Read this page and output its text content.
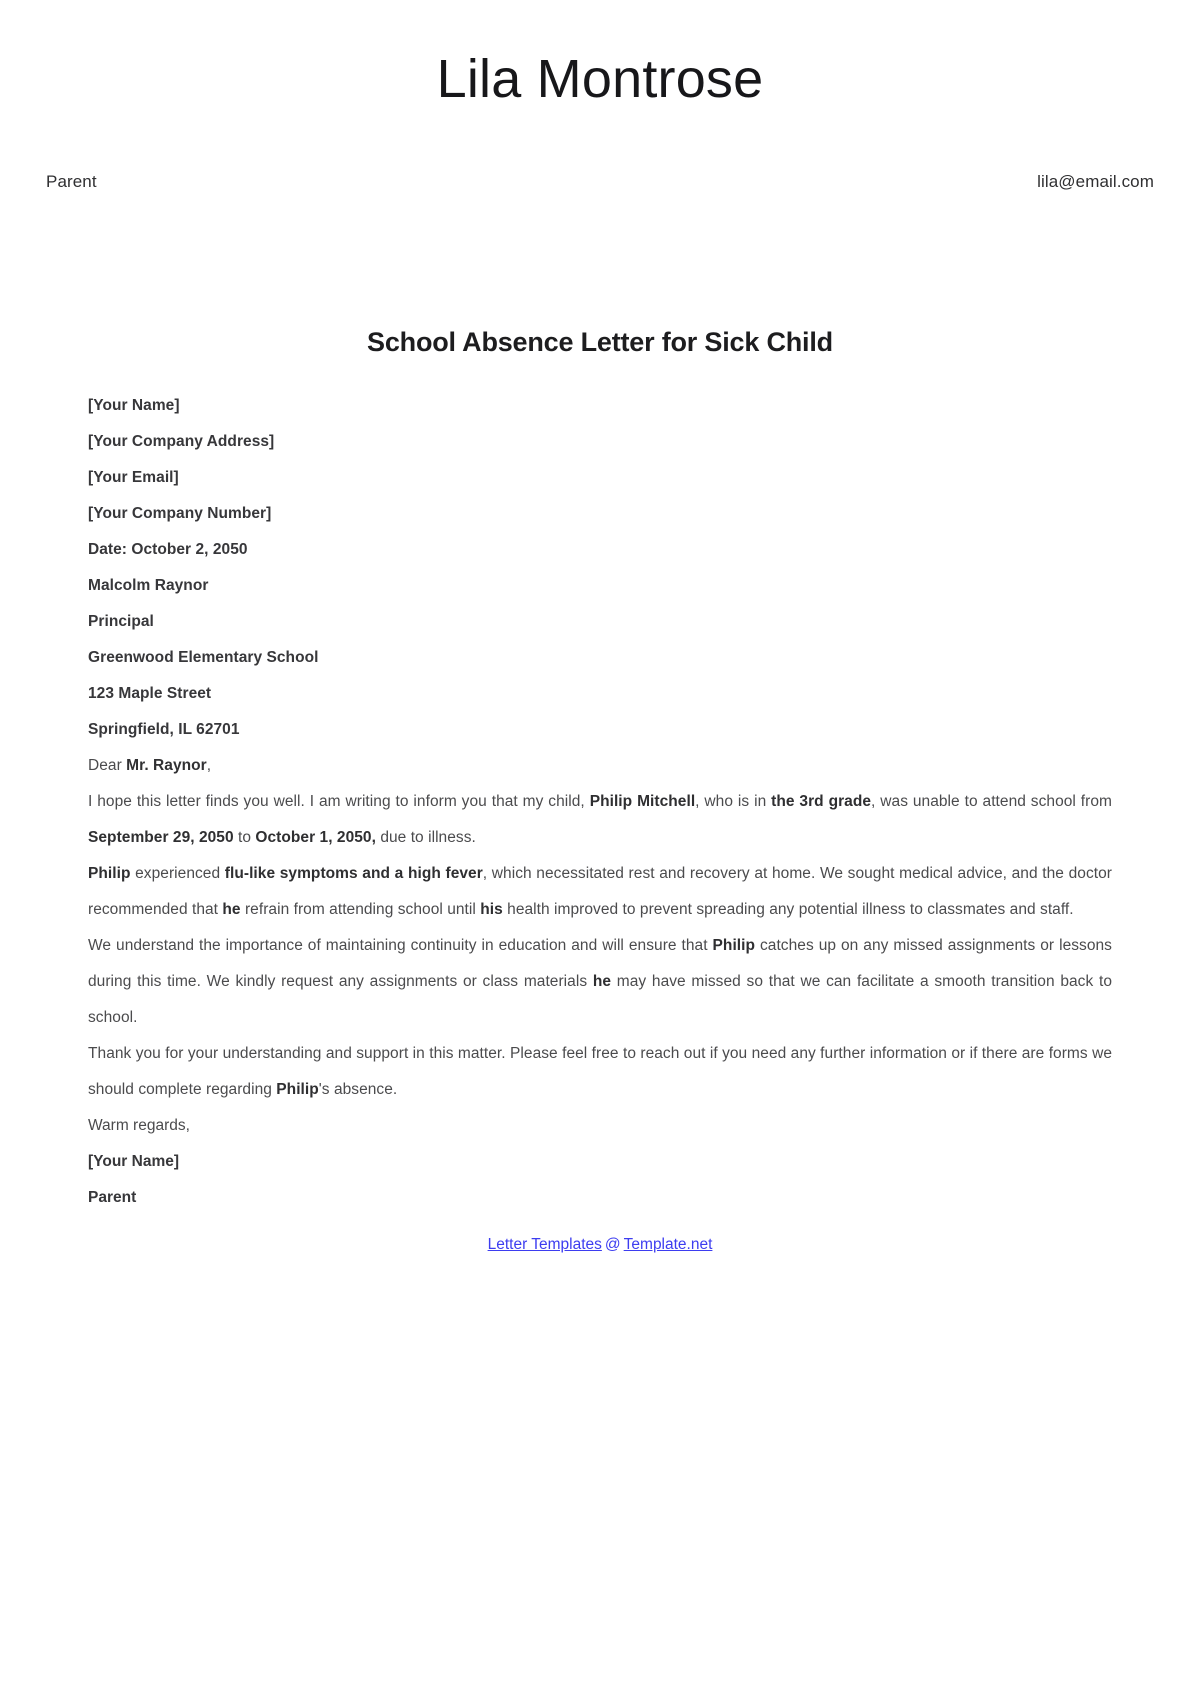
Lila Montrose
Parent	lila@email.com
School Absence Letter for Sick Child
[Your Name]
[Your Company Address]
[Your Email]
[Your Company Number]
Date: October 2, 2050
Malcolm Raynor
Principal
Greenwood Elementary School
123 Maple Street
Springfield, IL 62701
Dear Mr. Raynor,

I hope this letter finds you well. I am writing to inform you that my child, Philip Mitchell, who is in the 3rd grade, was unable to attend school from September 29, 2050 to October 1, 2050, due to illness.

Philip experienced flu-like symptoms and a high fever, which necessitated rest and recovery at home. We sought medical advice, and the doctor recommended that he refrain from attending school until his health improved to prevent spreading any potential illness to classmates and staff.

We understand the importance of maintaining continuity in education and will ensure that Philip catches up on any missed assignments or lessons during this time. We kindly request any assignments or class materials he may have missed so that we can facilitate a smooth transition back to school.

Thank you for your understanding and support in this matter. Please feel free to reach out if you need any further information or if there are forms we should complete regarding Philip's absence.

Warm regards,
[Your Name]
Parent
Letter Templates @ Template.net
